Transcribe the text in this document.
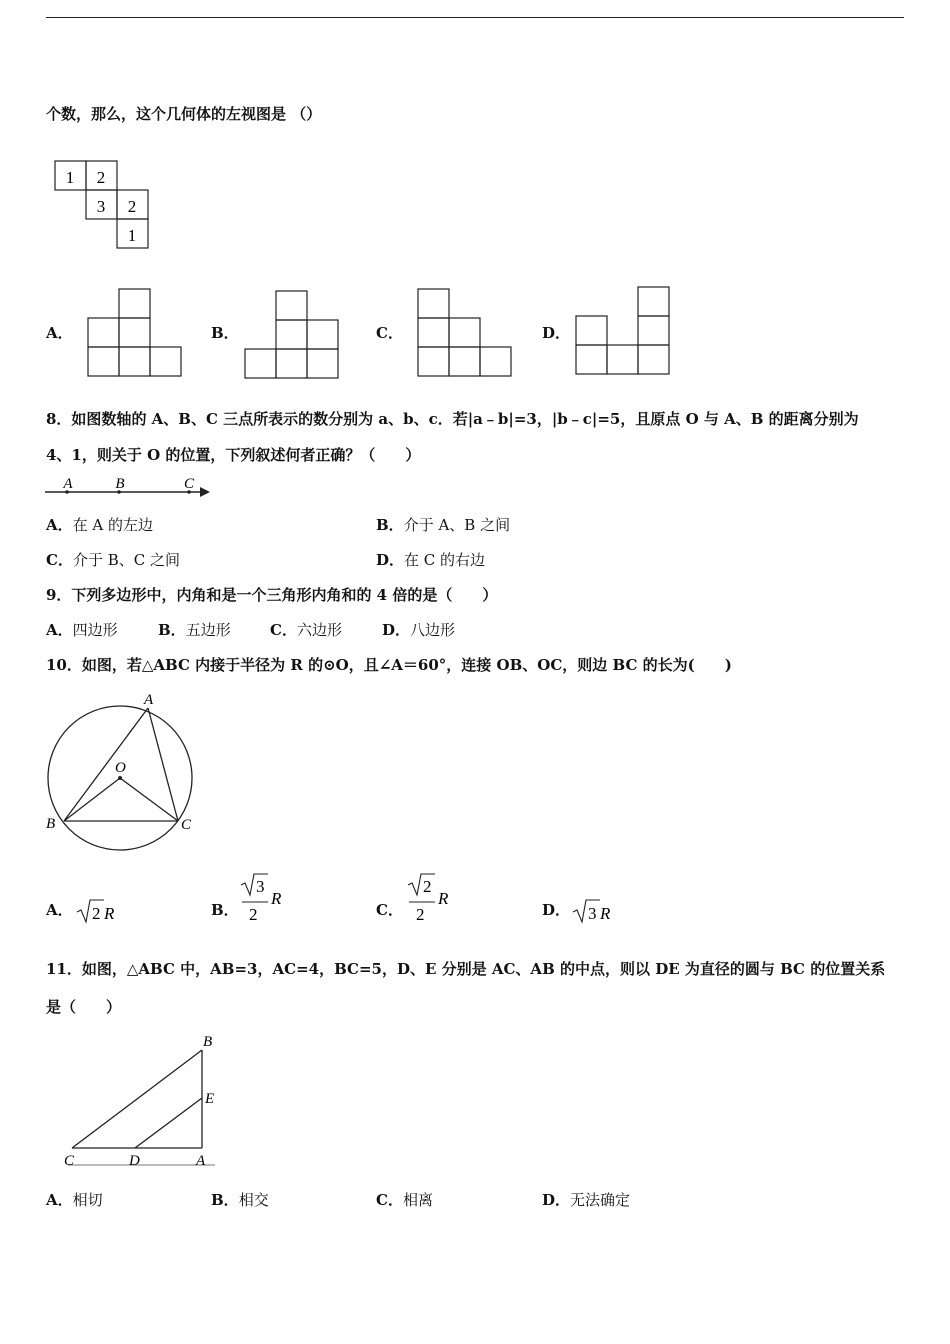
个数，那么，这个几何体的左视图是 （）
1 2
3 2
1
A．	B．	C．	D．
8．如图数轴的 A、B、C 三点所表示的数分别为 a、b、c．若|a﹣b|=3，|b﹣c|=5，且原点 O 与 A、B 的距离分别为
4、1，则关于 O 的位置，下列叙述何者正确？（　　）
A	B	C
A．在 A 的左边	B．介于 A、B 之间
C．介于 B、C 之间	D．在 C 的右边
9．下列多边形中，内角和是一个三角形内角和的 4 倍的是（　　）
A．四边形	B．五边形	C．六边形	D．八边形
10．如图，若△ABC 内接于半径为 R 的⊙O，且∠A＝60°，连接 OB、OC，则边 BC 的长为(　　)
A
B	C
O
A． 2 R	B．
3
2
R
C．
2
2
R
D． 3 R
11．如图，△ABC 中，AB=3，AC=4，BC=5，D、E 分别是 AC、AB 的中点，则以 DE 为直径的圆与 BC 的位置关系
是（　　）
B
E
C	D	A
A．相切	B．相交	C．相离	D．无法确定
